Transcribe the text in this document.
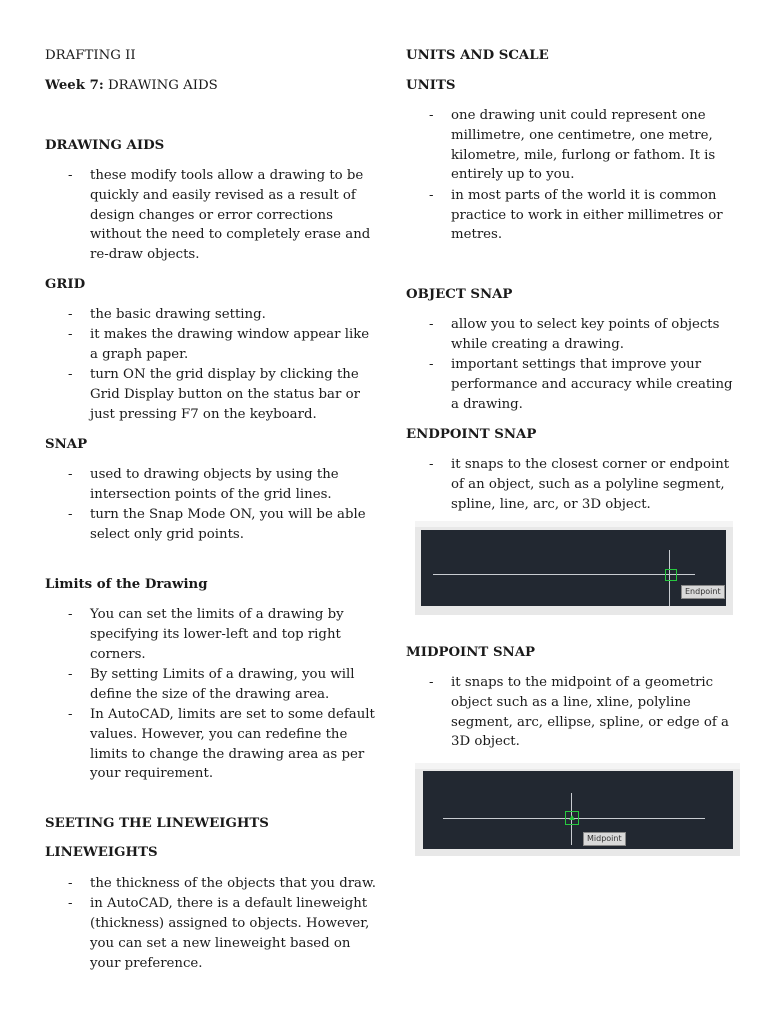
DRAFTING II
Week 7: DRAWING AIDS
DRAWING AIDS
- these modify tools allow a drawing to be
quickly and easily revised as a result of
design changes or error corrections
without the need to completely erase and
re-draw objects.
GRID
- the basic drawing setting.
- it makes the drawing window appear like
a graph paper.
- turn ON the grid display by clicking the
Grid Display button on the status bar or
just pressing F7 on the keyboard.
SNAP
- used to drawing objects by using the
intersection points of the grid lines.
- turn the Snap Mode ON, you will be able
select only grid points.
Limits of the Drawing
- You can set the limits of a drawing by
specifying its lower-left and top right
corners.
- By setting Limits of a drawing, you will
define the size of the drawing area.
- In AutoCAD, limits are set to some default
values. However, you can redefine the
limits to change the drawing area as per
your requirement.
SEETING THE LINEWEIGHTS
LINEWEIGHTS
- the thickness of the objects that you draw.
- in AutoCAD, there is a default lineweight
(thickness) assigned to objects. However,
you can set a new lineweight based on
your preference.
UNITS AND SCALE
UNITS
- one drawing unit could represent one
millimetre, one centimetre, one metre,
kilometre, mile, furlong or fathom. It is
entirely up to you.
- in most parts of the world it is common
practice to work in either millimetres or
metres.
OBJECT SNAP
- allow you to select key points of objects
while creating a drawing.
- important settings that improve your
performance and accuracy while creating
a drawing.
ENDPOINT SNAP
- it snaps to the closest corner or endpoint
of an object, such as a polyline segment,
spline, line, arc, or 3D object.
MIDPOINT SNAP
- it snaps to the midpoint of a geometric
object such as a line, xline, polyline
segment, arc, ellipse, spline, or edge of a
3D object.
Endpoint
Midpoint
